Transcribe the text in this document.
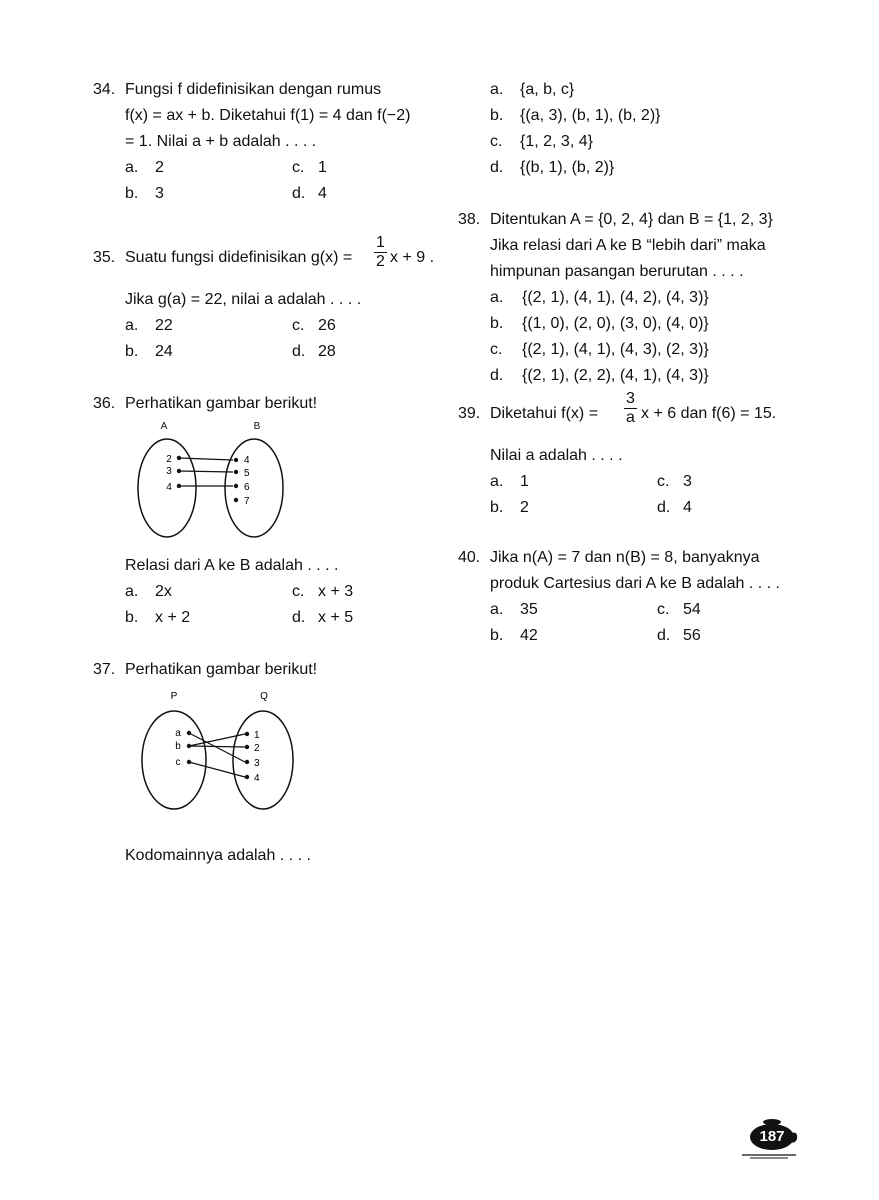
34. Fungsi f didefinisikan dengan rumus
f(x) = ax + b. Diketahui f(1) = 4 dan f(−2)
= 1. Nilai a + b adalah . . . .
a. 2	c. 1
b. 3	d. 4
35. Suatu fungsi didefinisikan $g(x) = \frac{1}{2}$ x + 9 .
Jika g(a) = 22, nilai a adalah . . . .
a. 22	c. 26
b. 24	d. 28
36. Perhatikan gambar berikut!
A	B
2
3
4
4
5
6
7
Relasi dari A ke B adalah . . . .
a. 2x	c. x + 3
b. x + 2	d. x + 5
37. Perhatikan gambar berikut!
P	Q
a
b
c
1
2
3
4
Kodomainnya adalah . . . .
a. {a, b, c}
b. {(a, 3), (b, 1), (b, 2)}
c. {1, 2, 3, 4}
d. {(b, 1), (b, 2)}
38. Ditentukan A = {0, 2, 4} dan B = {1, 2, 3}
Jika relasi dari A ke B “lebih dari” maka
himpunan pasangan berurutan . . . .
a. {(2, 1), (4, 1), (4, 2), (4, 3)}
b. {(1, 0), (2, 0), (3, 0), (4, 0)}
c. {(2, 1), (4, 1), (4, 3), (2, 3)}
d. {(2, 1), (2, 2), (4, 1), (4, 3)}
39. Diketahui $f(x) = \frac{3}{a}$ x + 6 dan f(6) = 15.
Nilai a adalah . . . .
a. 1	c. 3
b. 2	d. 4
40. Jika n(A) = 7 dan n(B) = 8, banyaknya
produk Cartesius dari A ke B adalah . . . .
a. 35	c. 54
b. 42	d. 56
187
